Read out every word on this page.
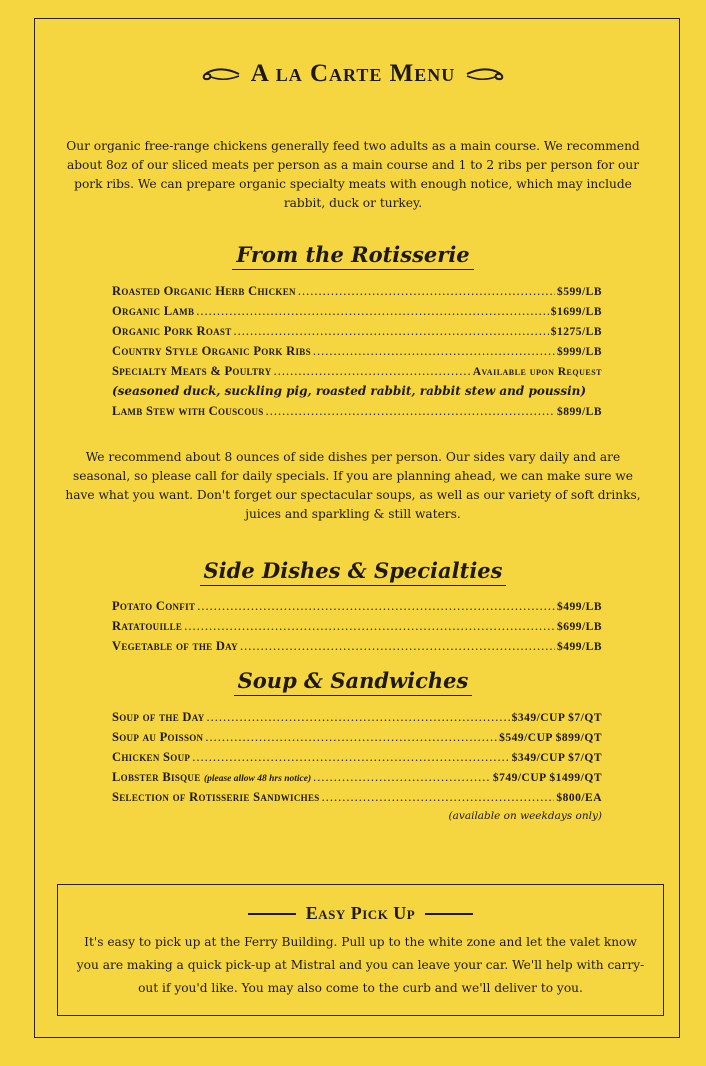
A la Carte Menu
Our organic free-range chickens generally feed two adults as a main course. We recommend about 8oz of our sliced meats per person as a main course and 1 to 2 ribs per person for our pork ribs. We can prepare organic specialty meats with enough notice, which may include rabbit, duck or turkey.
From the Rotisserie
Roasted Organic Herb Chicken .....	$599/LB
Organic Lamb .....	$1699/LB
Organic Pork Roast .....	$1275/LB
Country Style Organic Pork Ribs .....	$999/LB
Specialty Meats & Poultry .....	Available upon Request
(seasoned duck, suckling pig, roasted rabbit, rabbit stew and poussin)
Lamb Stew with Couscous .....	$899/LB
We recommend about 8 ounces of side dishes per person. Our sides vary daily and are seasonal, so please call for daily specials. If you are planning ahead, we can make sure we have what you want. Don't forget our spectacular soups, as well as our variety of soft drinks, juices and sparkling & still waters.
Side Dishes & Specialties
Potato Confit .....	$499/LB
Ratatouille .....	$699/LB
Vegetable of the Day .....	$499/LB
Soup & Sandwiches
Soup of the Day .....	$349/CUP $7/QT
Soup au Poisson .....	$549/CUP $899/QT
Chicken Soup .....	$349/CUP $7/QT
Lobster Bisque
(please allow 48 hrs notice) .....	$749/CUP $1499/QT
Selection of Rotisserie Sandwiches .....	$800/EA
(available on weekdays only)
Easy Pick Up
It's easy to pick up at the Ferry Building. Pull up to the white zone and let the valet know you are making a quick pick-up at Mistral and you can leave your car. We'll help with carry-out if you'd like. You may also come to the curb and we'll deliver to you.
